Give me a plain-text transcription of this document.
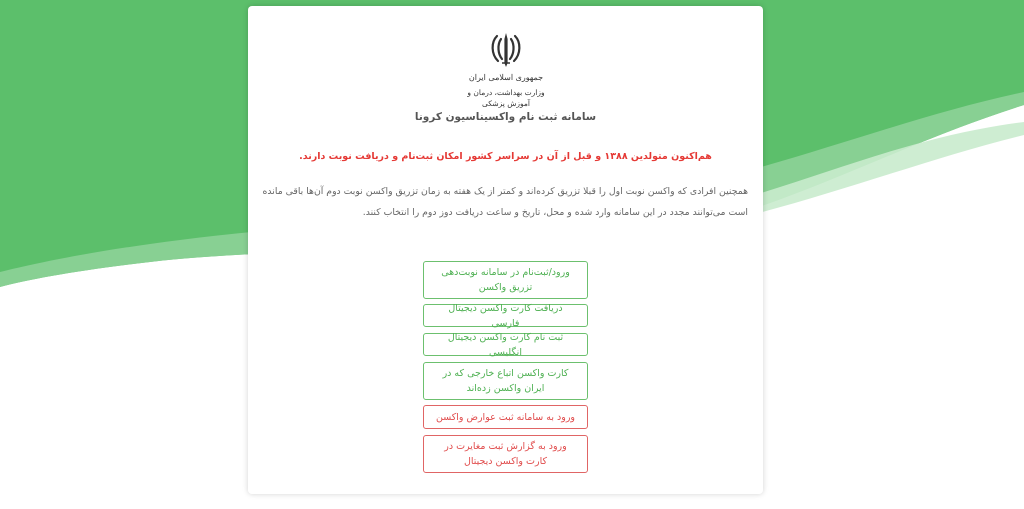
جمهوری اسلامی ایران
وزارت بهداشت، درمان و آموزش پزشکی
سامانه ثبت نام واکسیناسیون کرونا
هم‌اکنون متولدین ۱۳۸۸ و قبل از آن در سراسر کشور امکان ثبت‌نام و دریافت نوبت دارند.

همچنین افرادی که واکسن نوبت اول را قبلا تزریق کرده‌اند و کمتر از یک هفته به زمان تزریق واکسن نوبت دوم آن‌ها باقی مانده است می‌توانند مجدد در این سامانه وارد شده و محل، تاریخ و ساعت دریافت دوز دوم را انتخاب کنند.

ورود/ثبت‌نام در سامانه نوبت‌دهی تزریق واکسن
دریافت کارت واکسن دیجیتال فارسی
ثبت نام کارت واکسن دیجیتال انگلیسی
کارت واکسن اتباع خارجی که در ایران واکسن زده‌اند
ورود به سامانه ثبت عوارض واکسن
ورود به گزارش ثبت مغایرت در کارت واکسن دیجیتال
